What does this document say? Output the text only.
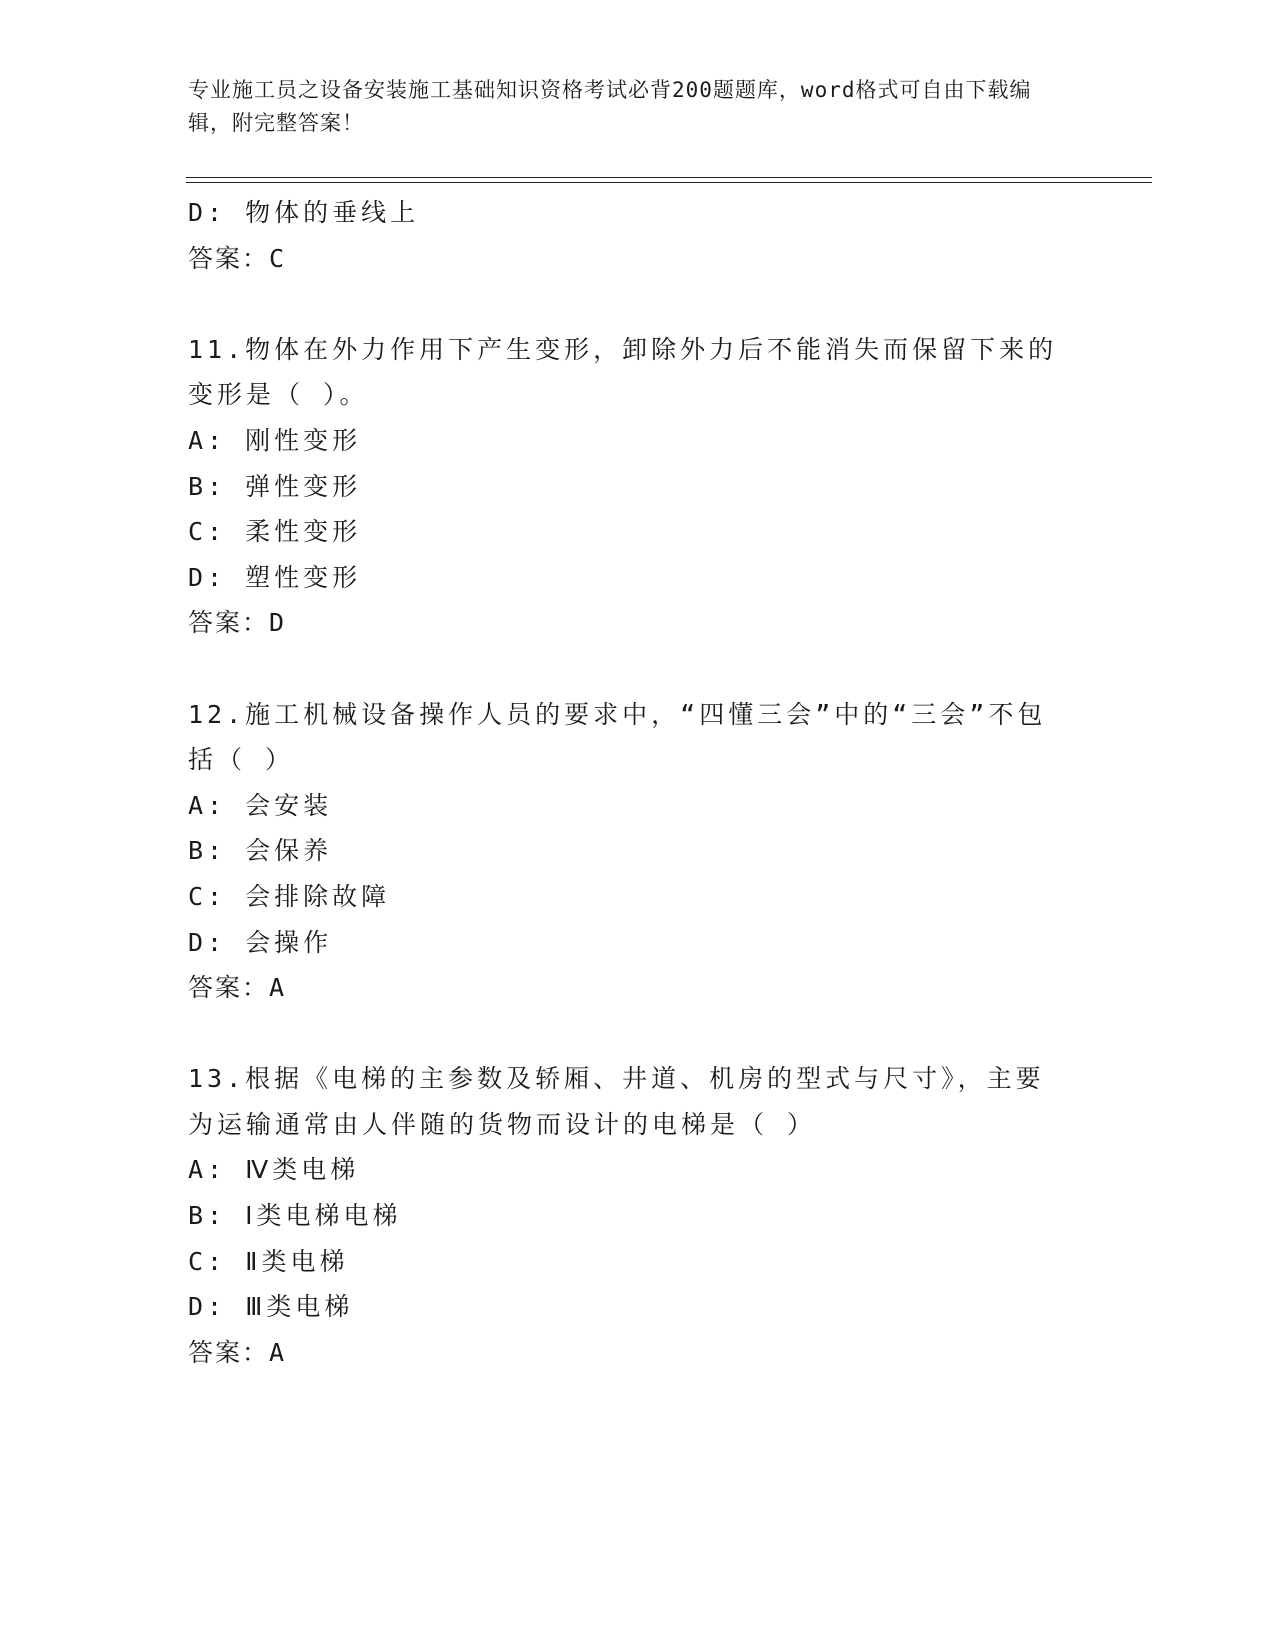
专业施工员之设备安装施工基础知识资格考试必背200题题库，word格式可自由下载编辑，附完整答案！
D: 物体的垂线上
答案：C
11.物体在外力作用下产生变形，卸除外力后不能消失而保留下来的变形是（ ）。
A: 刚性变形
B: 弹性变形
C: 柔性变形
D: 塑性变形
答案：D
12.施工机械设备操作人员的要求中，“四懂三会”中的“三会”不包括（ ）
A: 会安装
B: 会保养
C: 会排除故障
D: 会操作
答案：A
13.根据《电梯的主参数及轿厢、井道、机房的型式与尺寸》，主要为运输通常由人伴随的货物而设计的电梯是（ ）
A: Ⅳ类电梯
B: Ⅰ类电梯电梯
C: Ⅱ类电梯
D: Ⅲ类电梯
答案：A
